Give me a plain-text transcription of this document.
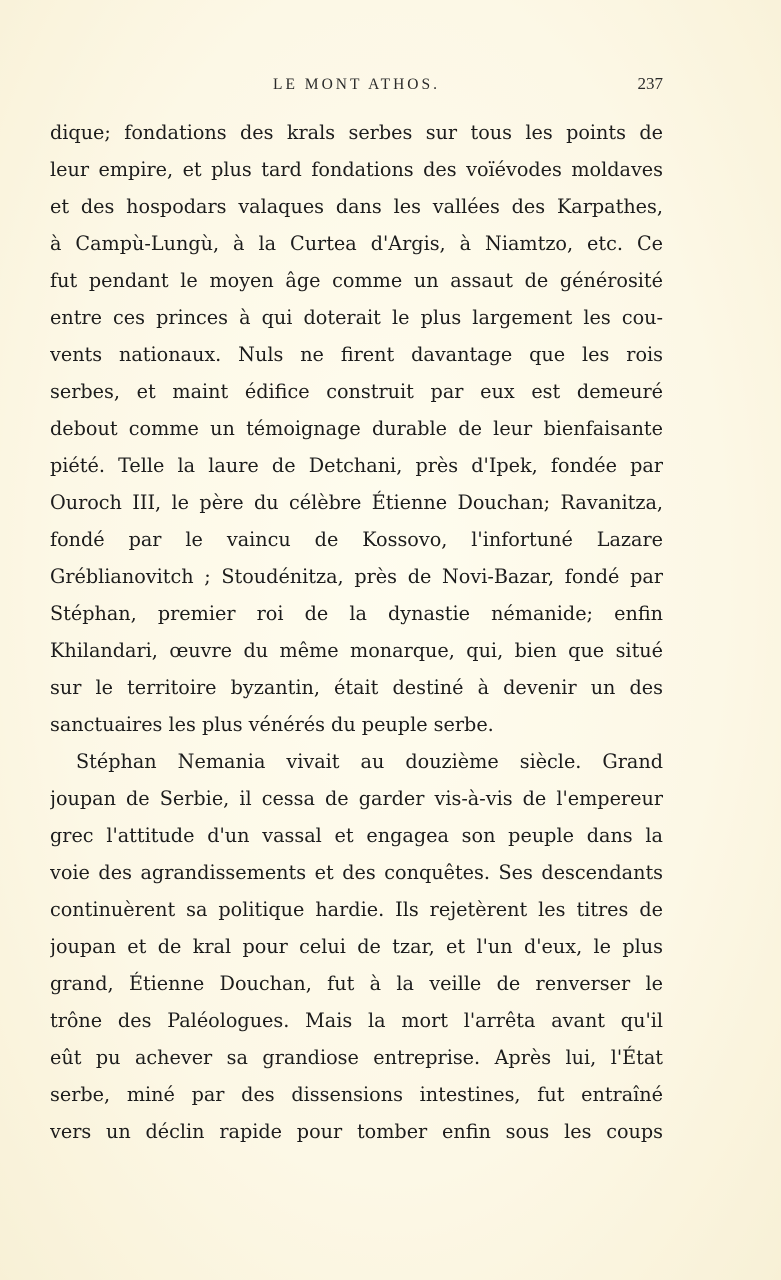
LE MONT ATHOS.	237
dique; fondations des krals serbes sur tous les points de
leur empire, et plus tard fondations des voïévodes moldaves
et des hospodars valaques dans les vallées des Karpathes,
à Campù-Lungù, à la Curtea d'Argis, à Niamtzo, etc. Ce
fut pendant le moyen âge comme un assaut de générosité
entre ces princes à qui doterait le plus largement les cou-
vents nationaux. Nuls ne firent davantage que les rois
serbes, et maint édifice construit par eux est demeuré
debout comme un témoignage durable de leur bienfaisante
piété. Telle la laure de Detchani, près d'Ipek, fondée par
Ouroch III, le père du célèbre Étienne Douchan; Ravanitza,
fondé par le vaincu de Kossovo, l'infortuné Lazare
Gréblianovitch ; Stoudénitza, près de Novi-Bazar, fondé par
Stéphan, premier roi de la dynastie némanide; enfin
Khilandari, œuvre du même monarque, qui, bien que situé
sur le territoire byzantin, était destiné à devenir un des
sanctuaires les plus vénérés du peuple serbe.
Stéphan Nemania vivait au douzième siècle. Grand
joupan de Serbie, il cessa de garder vis-à-vis de l'empereur
grec l'attitude d'un vassal et engagea son peuple dans la
voie des agrandissements et des conquêtes. Ses descendants
continuèrent sa politique hardie. Ils rejetèrent les titres de
joupan et de kral pour celui de tzar, et l'un d'eux, le plus
grand, Étienne Douchan, fut à la veille de renverser le
trône des Paléologues. Mais la mort l'arrêta avant qu'il
eût pu achever sa grandiose entreprise. Après lui, l'État
serbe, miné par des dissensions intestines, fut entraîné
vers un déclin rapide pour tomber enfin sous les coups
